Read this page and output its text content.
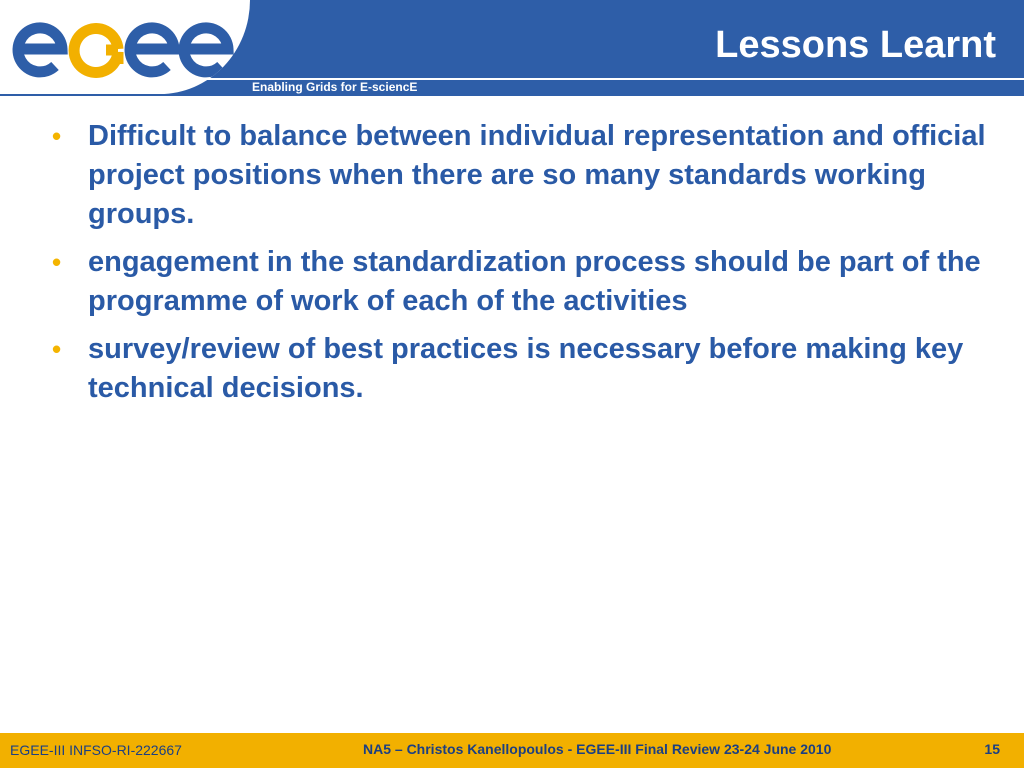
Enabling Grids for E-sciencE
Lessons Learnt
• Difficult to balance between individual representation and official project positions when there are so many standards working groups.
• engagement in the standardization process should be part of the programme of work of each of the activities
• survey/review of best practices is necessary before making key technical decisions.
EGEE-III INFSO-RI-222667	NA5 – Christos Kanellopoulos - EGEE-III Final Review 23-24 June 2010	15
